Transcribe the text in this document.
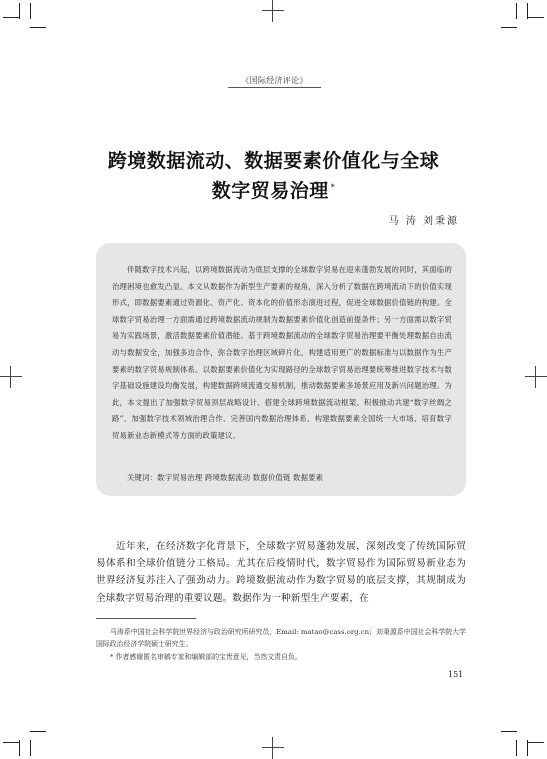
《国际经济评论》
跨境数据流动、数据要素价值化与全球
数字贸易治理 *
马 涛 刘秉源
伴随数字技术兴起，以跨境数据流动为底层支撑的全球数字贸易在迎来蓬勃发展的同时，其面临的治理困境也愈发凸显。本文从数据作为新型生产要素的视角，深入分析了数据在跨境流动下的价值实现形式，即数据要素通过资源化、资产化、资本化的价值形态演进过程，促进全球数据价值链的构建。全球数字贸易治理一方面需通过跨境数据流动规制为数据要素价值化创造前提条件；另一方面需以数字贸易为实践场景，激活数据要素价值潜能。基于跨境数据流动的全球数字贸易治理要平衡处理数据自由流动与数据安全，加强多边合作，弥合数字治理区域碎片化，构建适用更广的数据标准与以数据作为生产要素的数字贸易规制体系。以数据要素价值化为实现路径的全球数字贸易治理要统筹推进数字技术与数字基础设施建设均衡发展，构建数据跨境流通交易机制，推动数据要素多场景应用及新兴问题治理。为此，本文提出了加强数字贸易顶层战略设计、搭建全球跨境数据流动框架、积极推动共建“数字丝绸之路”、加强数字技术领域治理合作、完善国内数据治理体系、构建数据要素全国统一大市场、培育数字贸易新业态新模式等方面的政策建议。
关键词：数字贸易治理 跨境数据流动 数据价值链 数据要素
近年来，在经济数字化背景下，全球数字贸易蓬勃发展，深刻改变了传统国际贸易体系和全球价值链分工格局。尤其在后疫情时代，数字贸易作为国际贸易新业态为世界经济复苏注入了强劲动力。跨境数据流动作为数字贸易的底层支撑，其规制成为全球数字贸易治理的重要议题。数据作为一种新型生产要素，在
马涛系中国社会科学院世界经济与政治研究所研究员，Email: matao@cass.org.cn；刘秉源系中国社会科学院大学国际政治经济学院硕士研究生。
* 作者感谢匿名审稿专家和编辑部的宝贵意见，当然文责自负。
151
